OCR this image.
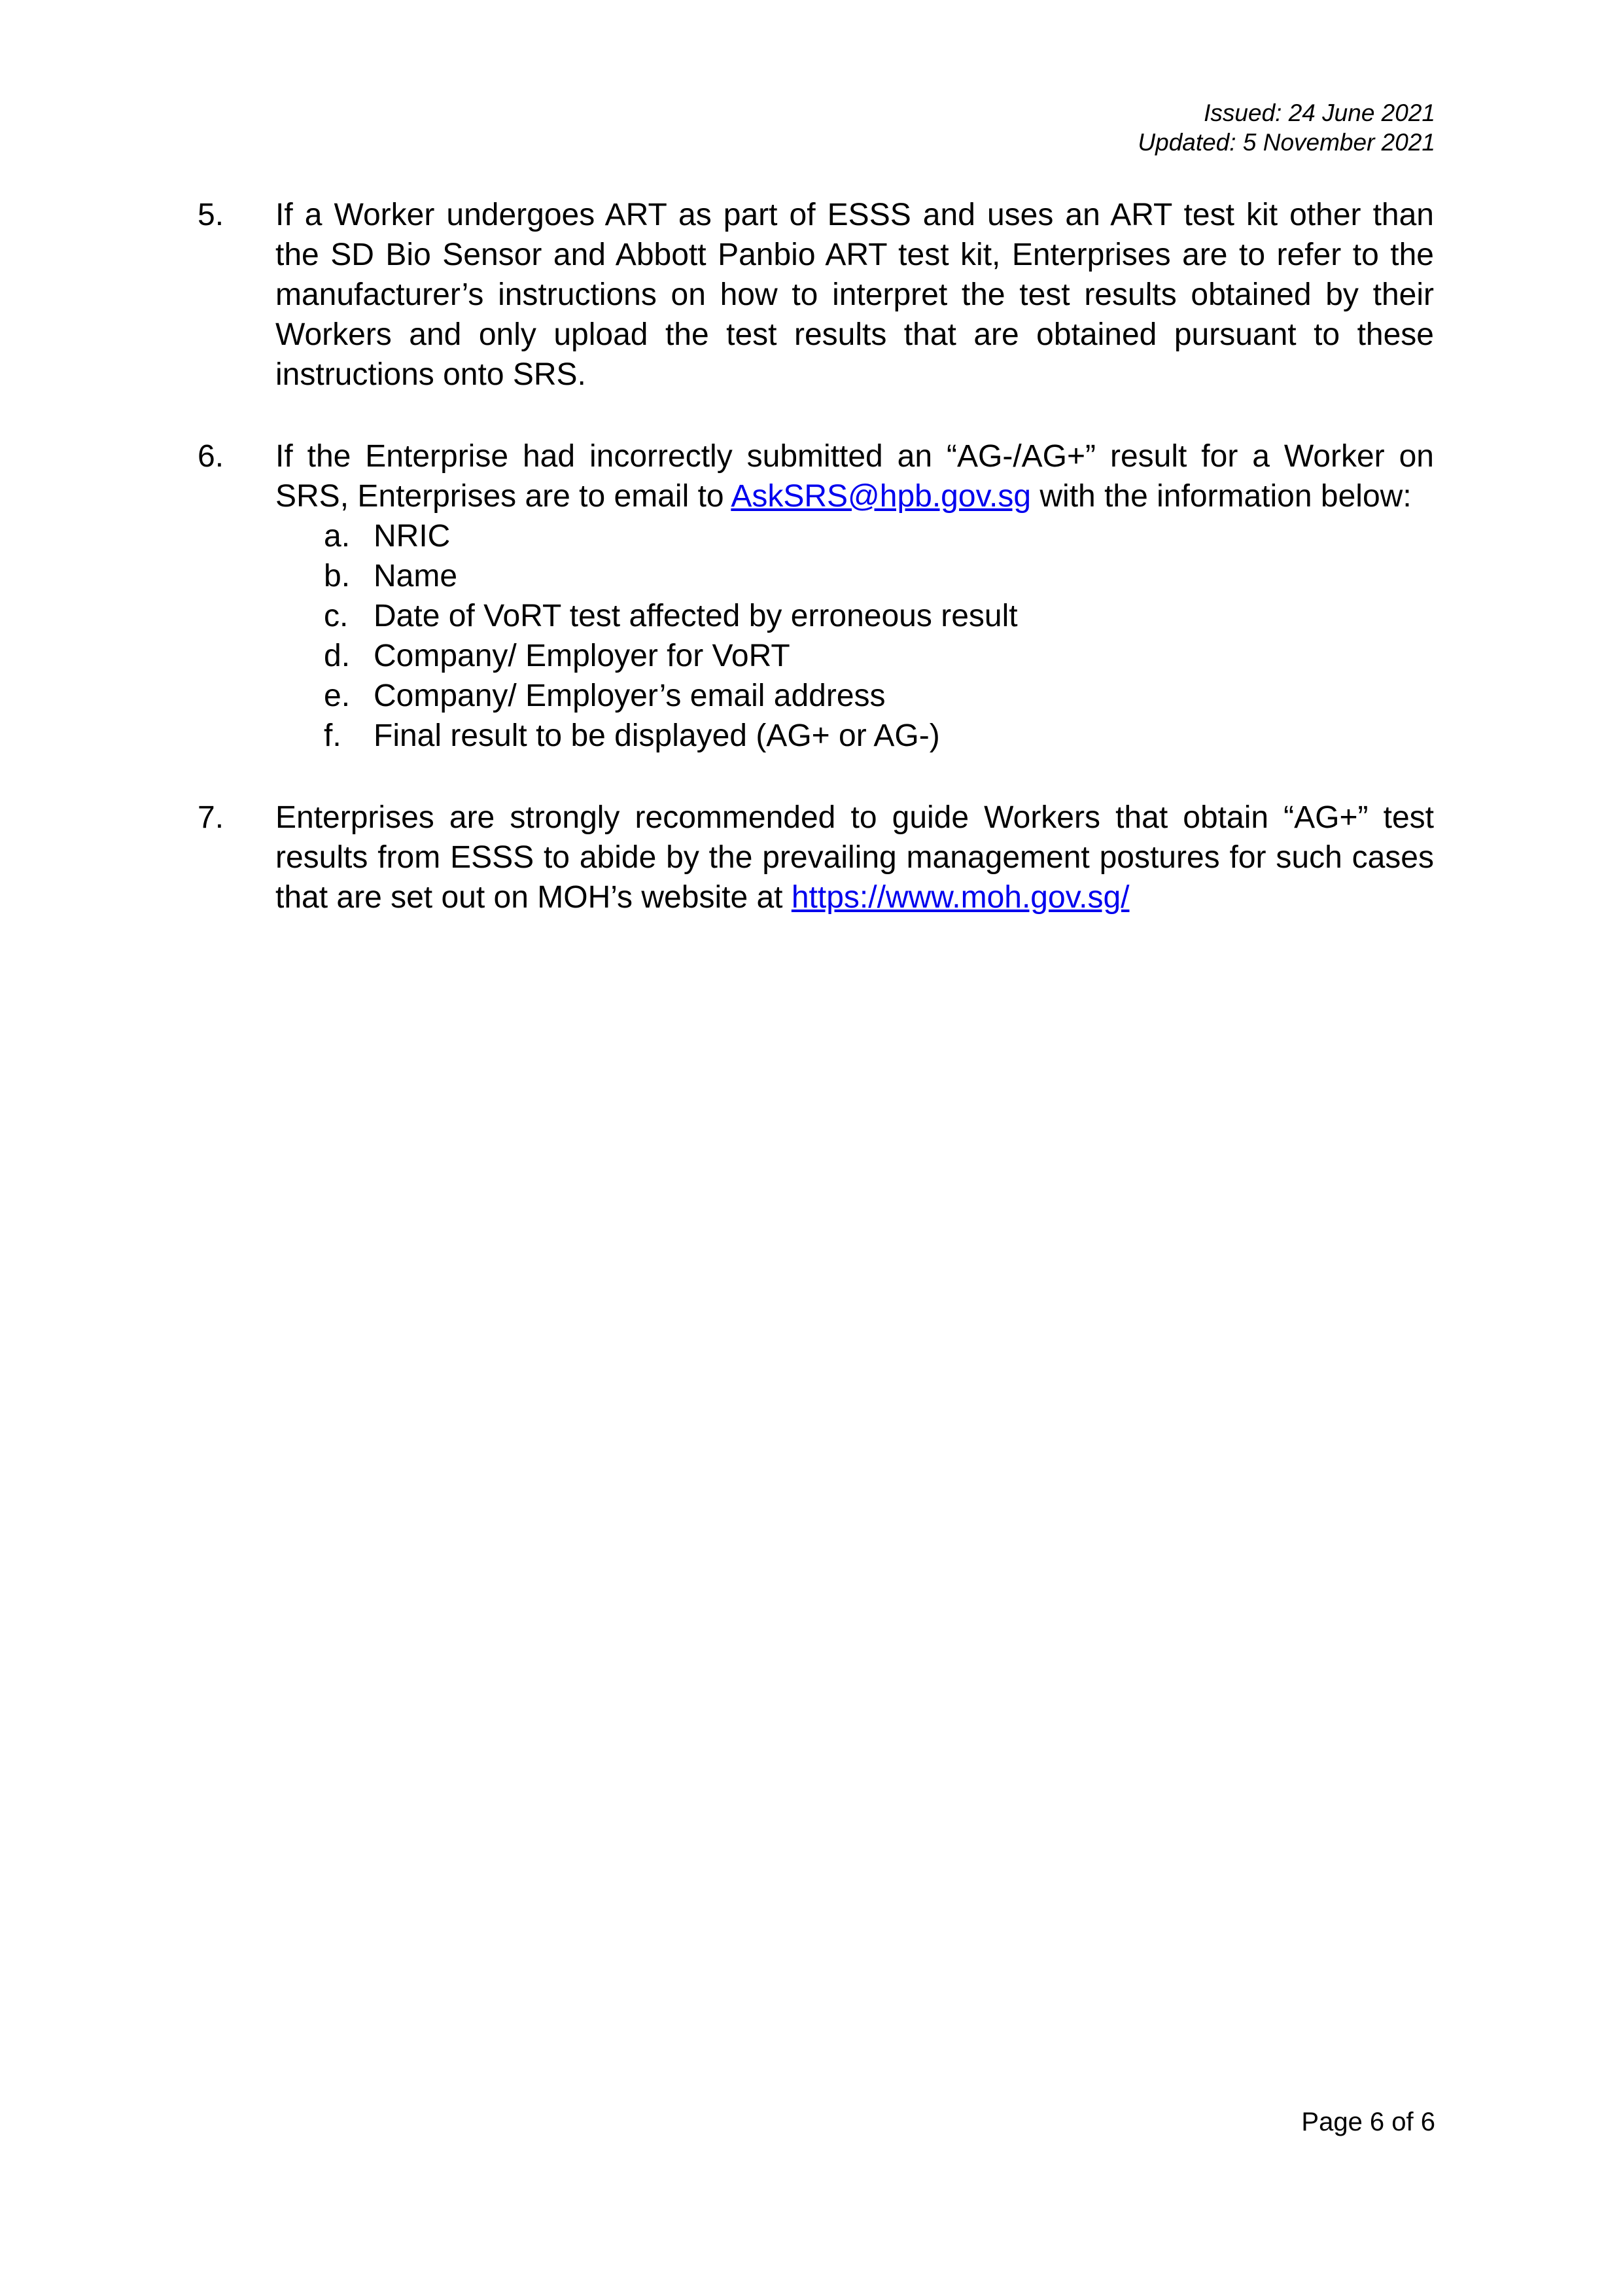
Issued: 24 June 2021
Updated: 5 November 2021
5.	If a Worker undergoes ART as part of ESSS and uses an ART test kit other than the SD Bio Sensor and Abbott Panbio ART test kit, Enterprises are to refer to the manufacturer’s instructions on how to interpret the test results obtained by their Workers and only upload the test results that are obtained pursuant to these instructions onto SRS.
6.	If the Enterprise had incorrectly submitted an “AG-/AG+” result for a Worker on SRS, Enterprises are to email to AskSRS@hpb.gov.sg with the information below:
a. NRIC
b. Name
c. Date of VoRT test affected by erroneous result
d. Company/ Employer for VoRT
e. Company/ Employer’s email address
f.	Final result to be displayed (AG+ or AG-)
7.	Enterprises are strongly recommended to guide Workers that obtain “AG+” test results from ESSS to abide by the prevailing management postures for such cases that are set out on MOH’s website at https://www.moh.gov.sg/
Page 6 of 6
